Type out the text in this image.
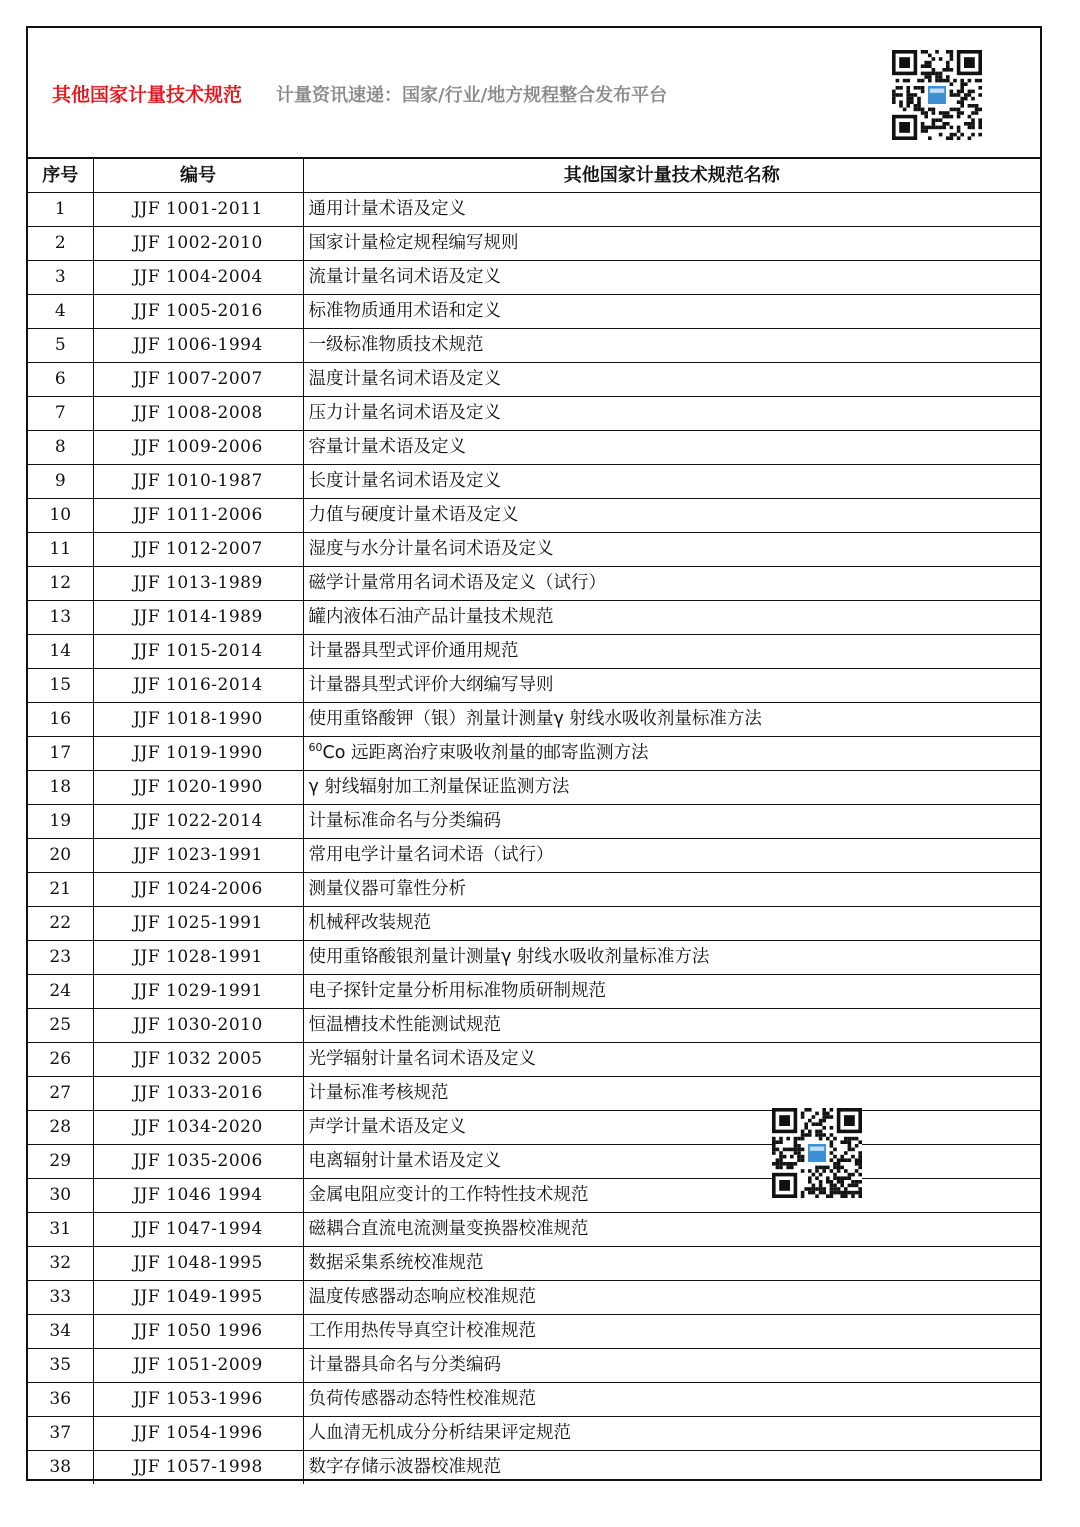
其他国家计量技术规范 计量资讯速递：国家/行业/地方规程整合发布平台
序号	编号	其他国家计量技术规范名称
1	JJF 1001-2011	通用计量术语及定义
2	JJF 1002-2010	国家计量检定规程编写规则
3	JJF 1004-2004	流量计量名词术语及定义
4	JJF 1005-2016	标准物质通用术语和定义
5	JJF 1006-1994	一级标准物质技术规范
6	JJF 1007-2007	温度计量名词术语及定义
7	JJF 1008-2008	压力计量名词术语及定义
8	JJF 1009-2006	容量计量术语及定义
9	JJF 1010-1987	长度计量名词术语及定义
10	JJF 1011-2006	力值与硬度计量术语及定义
11	JJF 1012-2007	湿度与水分计量名词术语及定义
12	JJF 1013-1989	磁学计量常用名词术语及定义（试行）
13	JJF 1014-1989	罐内液体石油产品计量技术规范
14	JJF 1015-2014	计量器具型式评价通用规范
15	JJF 1016-2014	计量器具型式评价大纲编写导则
16	JJF 1018-1990	使用重铬酸钾（银）剂量计测量γ 射线水吸收剂量标准方法
17	JJF 1019-1990	$^{60}$Co 远距离治疗束吸收剂量的邮寄监测方法
18	JJF 1020-1990	γ 射线辐射加工剂量保证监测方法
19	JJF 1022-2014	计量标准命名与分类编码
20	JJF 1023-1991	常用电学计量名词术语（试行）
21	JJF 1024-2006	测量仪器可靠性分析
22	JJF 1025-1991	机械秤改装规范
23	JJF 1028-1991	使用重铬酸银剂量计测量γ 射线水吸收剂量标准方法
24	JJF 1029-1991	电子探针定量分析用标准物质研制规范
25	JJF 1030-2010	恒温槽技术性能测试规范
26	JJF 1032 2005	光学辐射计量名词术语及定义
27	JJF 1033-2016	计量标准考核规范
28	JJF 1034-2020	声学计量术语及定义
29	JJF 1035-2006	电离辐射计量术语及定义
30	JJF 1046 1994	金属电阻应变计的工作特性技术规范
31	JJF 1047-1994	磁耦合直流电流测量变换器校准规范
32	JJF 1048-1995	数据采集系统校准规范
33	JJF 1049-1995	温度传感器动态响应校准规范
34	JJF 1050 1996	工作用热传导真空计校准规范
35	JJF 1051-2009	计量器具命名与分类编码
36	JJF 1053-1996	负荷传感器动态特性校准规范
37	JJF 1054-1996	人血清无机成分分析结果评定规范
38	JJF 1057-1998	数字存储示波器校准规范
